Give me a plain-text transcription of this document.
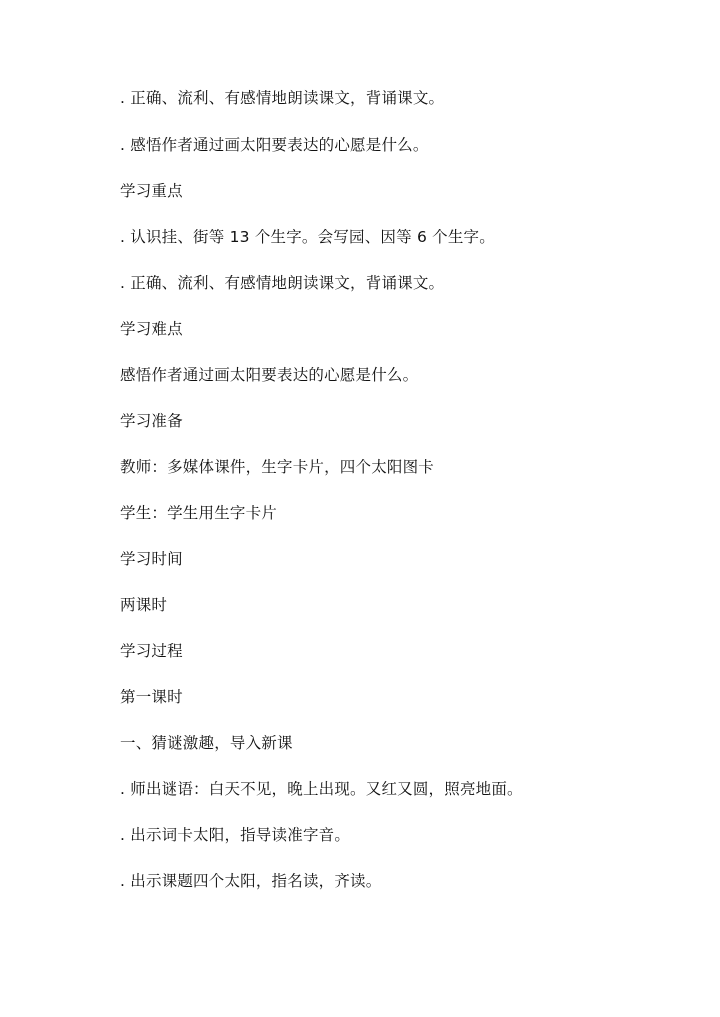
. 正确、流利、有感情地朗读课文，背诵课文。
. 感悟作者通过画太阳要表达的心愿是什么。
学习重点
. 认识挂、街等 13 个生字。会写园、因等 6 个生字。
. 正确、流利、有感情地朗读课文，背诵课文。
学习难点
感悟作者通过画太阳要表达的心愿是什么。
学习准备
教师：多媒体课件，生字卡片，四个太阳图卡
学生：学生用生字卡片
学习时间
两课时
学习过程
第一课时
一、猜谜激趣，导入新课
. 师出谜语：白天不见，晚上出现。又红又圆，照亮地面。
. 出示词卡太阳，指导读准字音。
. 出示课题四个太阳，指名读，齐读。
